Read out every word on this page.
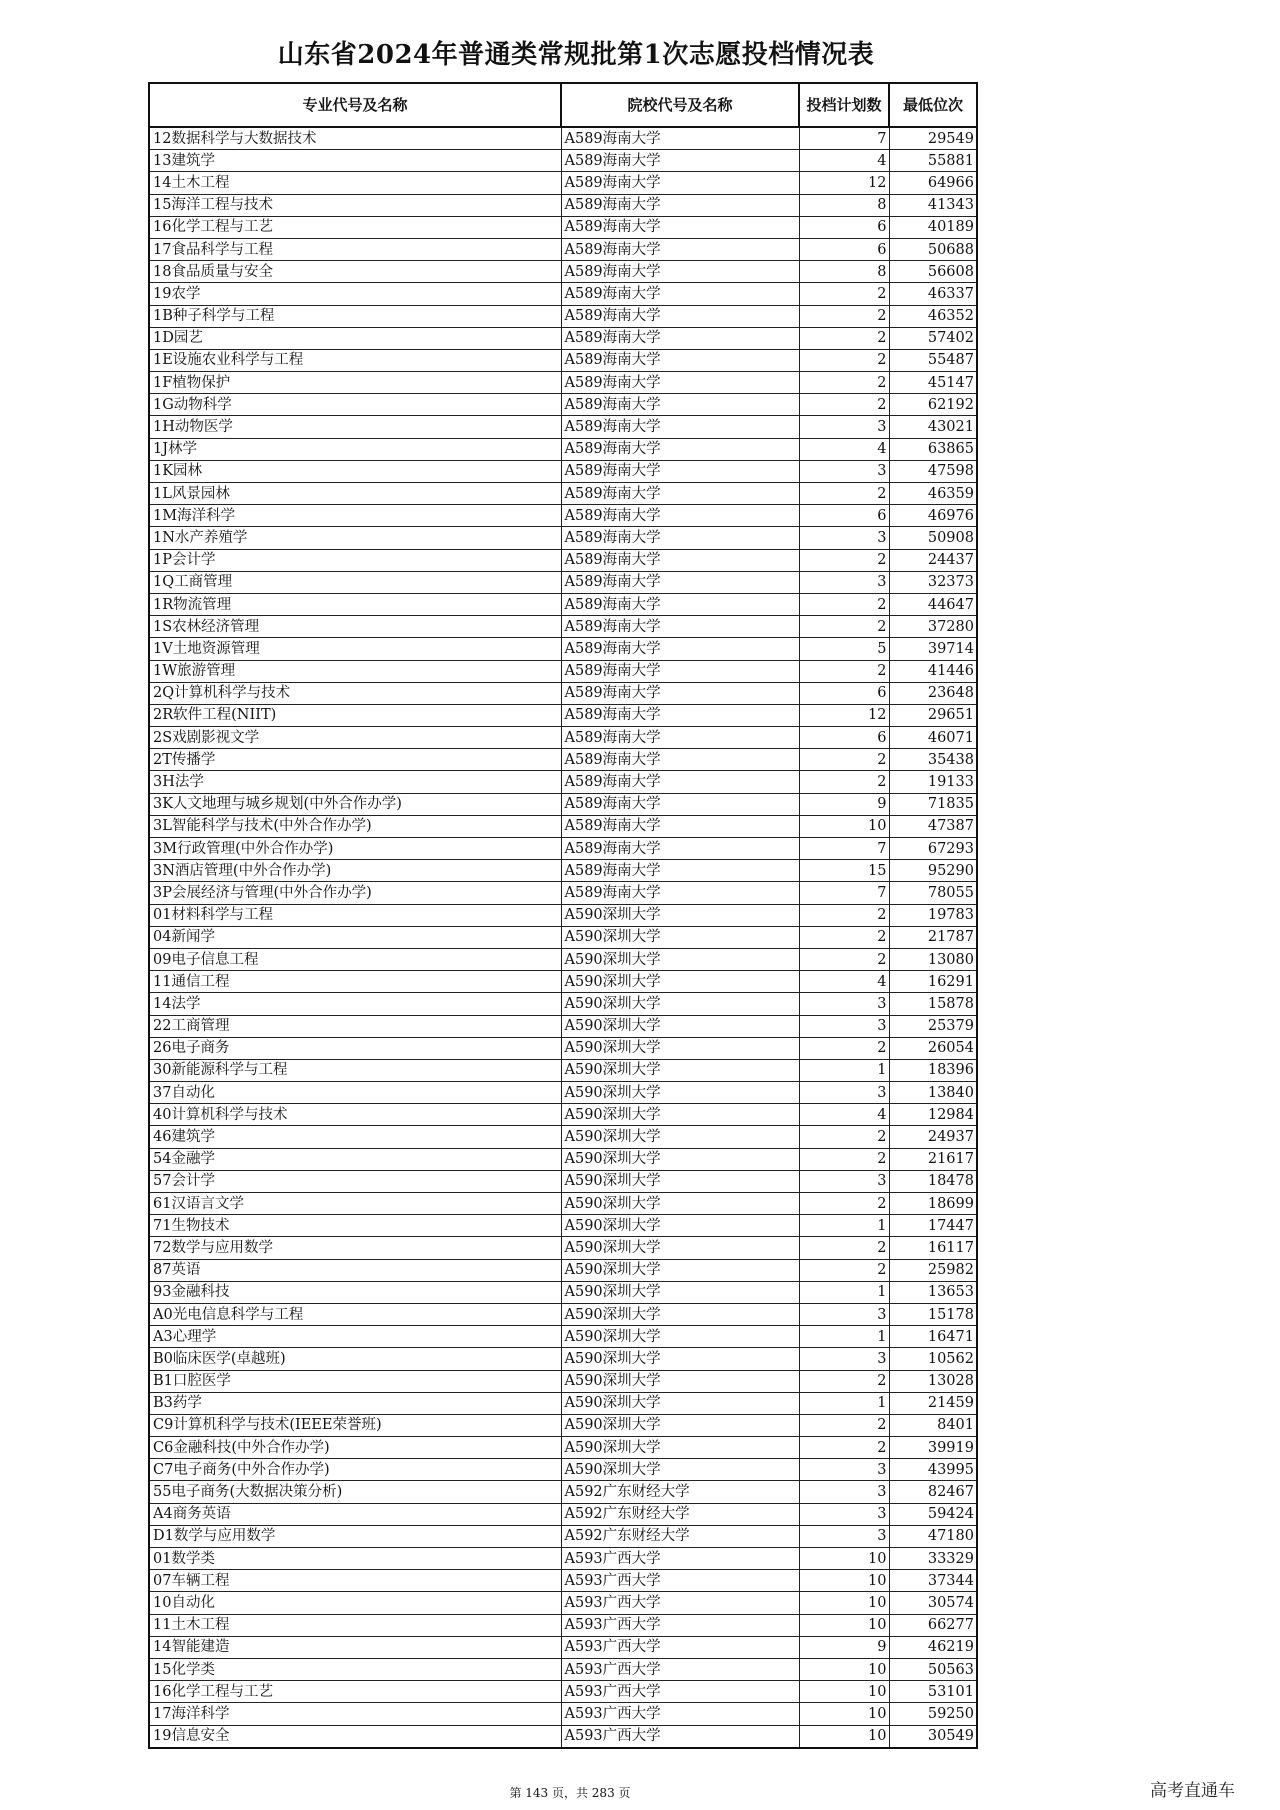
山东省2024年普通类常规批第1次志愿投档情况表
专业代号及名称	院校代号及名称	投档计划数	最低位次
12数据科学与大数据技术	A589海南大学	7	29549
13建筑学	A589海南大学	4	55881
14土木工程	A589海南大学	12	64966
15海洋工程与技术	A589海南大学	8	41343
16化学工程与工艺	A589海南大学	6	40189
17食品科学与工程	A589海南大学	6	50688
18食品质量与安全	A589海南大学	8	56608
19农学	A589海南大学	2	46337
1B种子科学与工程	A589海南大学	2	46352
1D园艺	A589海南大学	2	57402
1E设施农业科学与工程	A589海南大学	2	55487
1F植物保护	A589海南大学	2	45147
1G动物科学	A589海南大学	2	62192
1H动物医学	A589海南大学	3	43021
1J林学	A589海南大学	4	63865
1K园林	A589海南大学	3	47598
1L风景园林	A589海南大学	2	46359
1M海洋科学	A589海南大学	6	46976
1N水产养殖学	A589海南大学	3	50908
1P会计学	A589海南大学	2	24437
1Q工商管理	A589海南大学	3	32373
1R物流管理	A589海南大学	2	44647
1S农林经济管理	A589海南大学	2	37280
1V土地资源管理	A589海南大学	5	39714
1W旅游管理	A589海南大学	2	41446
2Q计算机科学与技术	A589海南大学	6	23648
2R软件工程(NIIT)	A589海南大学	12	29651
2S戏剧影视文学	A589海南大学	6	46071
2T传播学	A589海南大学	2	35438
3H法学	A589海南大学	2	19133
3K人文地理与城乡规划(中外合作办学)	A589海南大学	9	71835
3L智能科学与技术(中外合作办学)	A589海南大学	10	47387
3M行政管理(中外合作办学)	A589海南大学	7	67293
3N酒店管理(中外合作办学)	A589海南大学	15	95290
3P会展经济与管理(中外合作办学)	A589海南大学	7	78055
01材料科学与工程	A590深圳大学	2	19783
04新闻学	A590深圳大学	2	21787
09电子信息工程	A590深圳大学	2	13080
11通信工程	A590深圳大学	4	16291
14法学	A590深圳大学	3	15878
22工商管理	A590深圳大学	3	25379
26电子商务	A590深圳大学	2	26054
30新能源科学与工程	A590深圳大学	1	18396
37自动化	A590深圳大学	3	13840
40计算机科学与技术	A590深圳大学	4	12984
46建筑学	A590深圳大学	2	24937
54金融学	A590深圳大学	2	21617
57会计学	A590深圳大学	3	18478
61汉语言文学	A590深圳大学	2	18699
71生物技术	A590深圳大学	1	17447
72数学与应用数学	A590深圳大学	2	16117
87英语	A590深圳大学	2	25982
93金融科技	A590深圳大学	1	13653
A0光电信息科学与工程	A590深圳大学	3	15178
A3心理学	A590深圳大学	1	16471
B0临床医学(卓越班)	A590深圳大学	3	10562
B1口腔医学	A590深圳大学	2	13028
B3药学	A590深圳大学	1	21459
C9计算机科学与技术(IEEE荣誉班)	A590深圳大学	2	8401
C6金融科技(中外合作办学)	A590深圳大学	2	39919
C7电子商务(中外合作办学)	A590深圳大学	3	43995
55电子商务(大数据决策分析)	A592广东财经大学	3	82467
A4商务英语	A592广东财经大学	3	59424
D1数学与应用数学	A592广东财经大学	3	47180
01数学类	A593广西大学	10	33329
07车辆工程	A593广西大学	10	37344
10自动化	A593广西大学	10	30574
11土木工程	A593广西大学	10	66277
14智能建造	A593广西大学	9	46219
15化学类	A593广西大学	10	50563
16化学工程与工艺	A593广西大学	10	53101
17海洋科学	A593广西大学	10	59250
19信息安全	A593广西大学	10	30549
第 143 页，共 283 页	高考直通车
